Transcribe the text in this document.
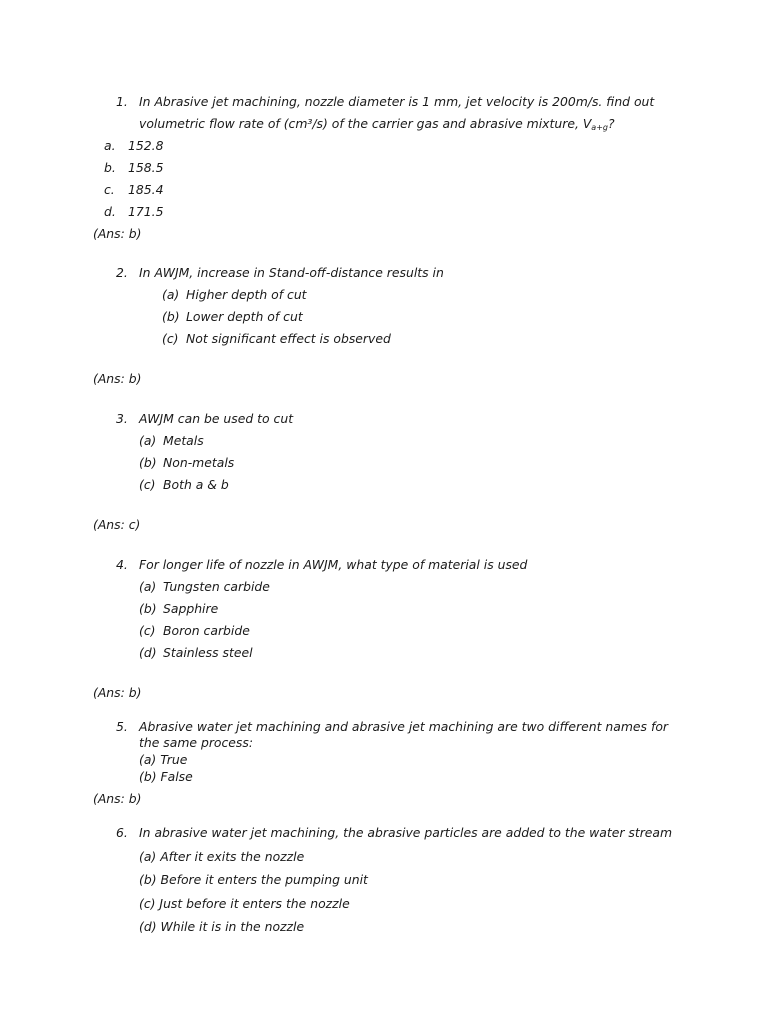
1. In Abrasive jet machining, nozzle diameter is 1 mm, jet velocity is 200m/s. find out
volumetric flow rate of (cm³/s) of the carrier gas and abrasive mixture, $V_{a+g}$?
a. 152.8
b. 158.5
c. 185.4
d. 171.5
(Ans: b)
2. In AWJM, increase in Stand-off-distance results in
(a) Higher depth of cut
(b) Lower depth of cut
(c) Not significant effect is observed
(Ans: b)
3. AWJM can be used to cut
(a) Metals
(b) Non-metals
(c) Both a & b
(Ans: c)
4. For longer life of nozzle in AWJM, what type of material is used
(a) Tungsten carbide
(b) Sapphire
(c) Boron carbide
(d) Stainless steel
(Ans: b)
5. Abrasive water jet machining and abrasive jet machining are two different names for
the same process:
(a) True
(b) False
(Ans: b)
6. In abrasive water jet machining, the abrasive particles are added to the water stream
(a) After it exits the nozzle
(b) Before it enters the pumping unit
(c) Just before it enters the nozzle
(d) While it is in the nozzle
